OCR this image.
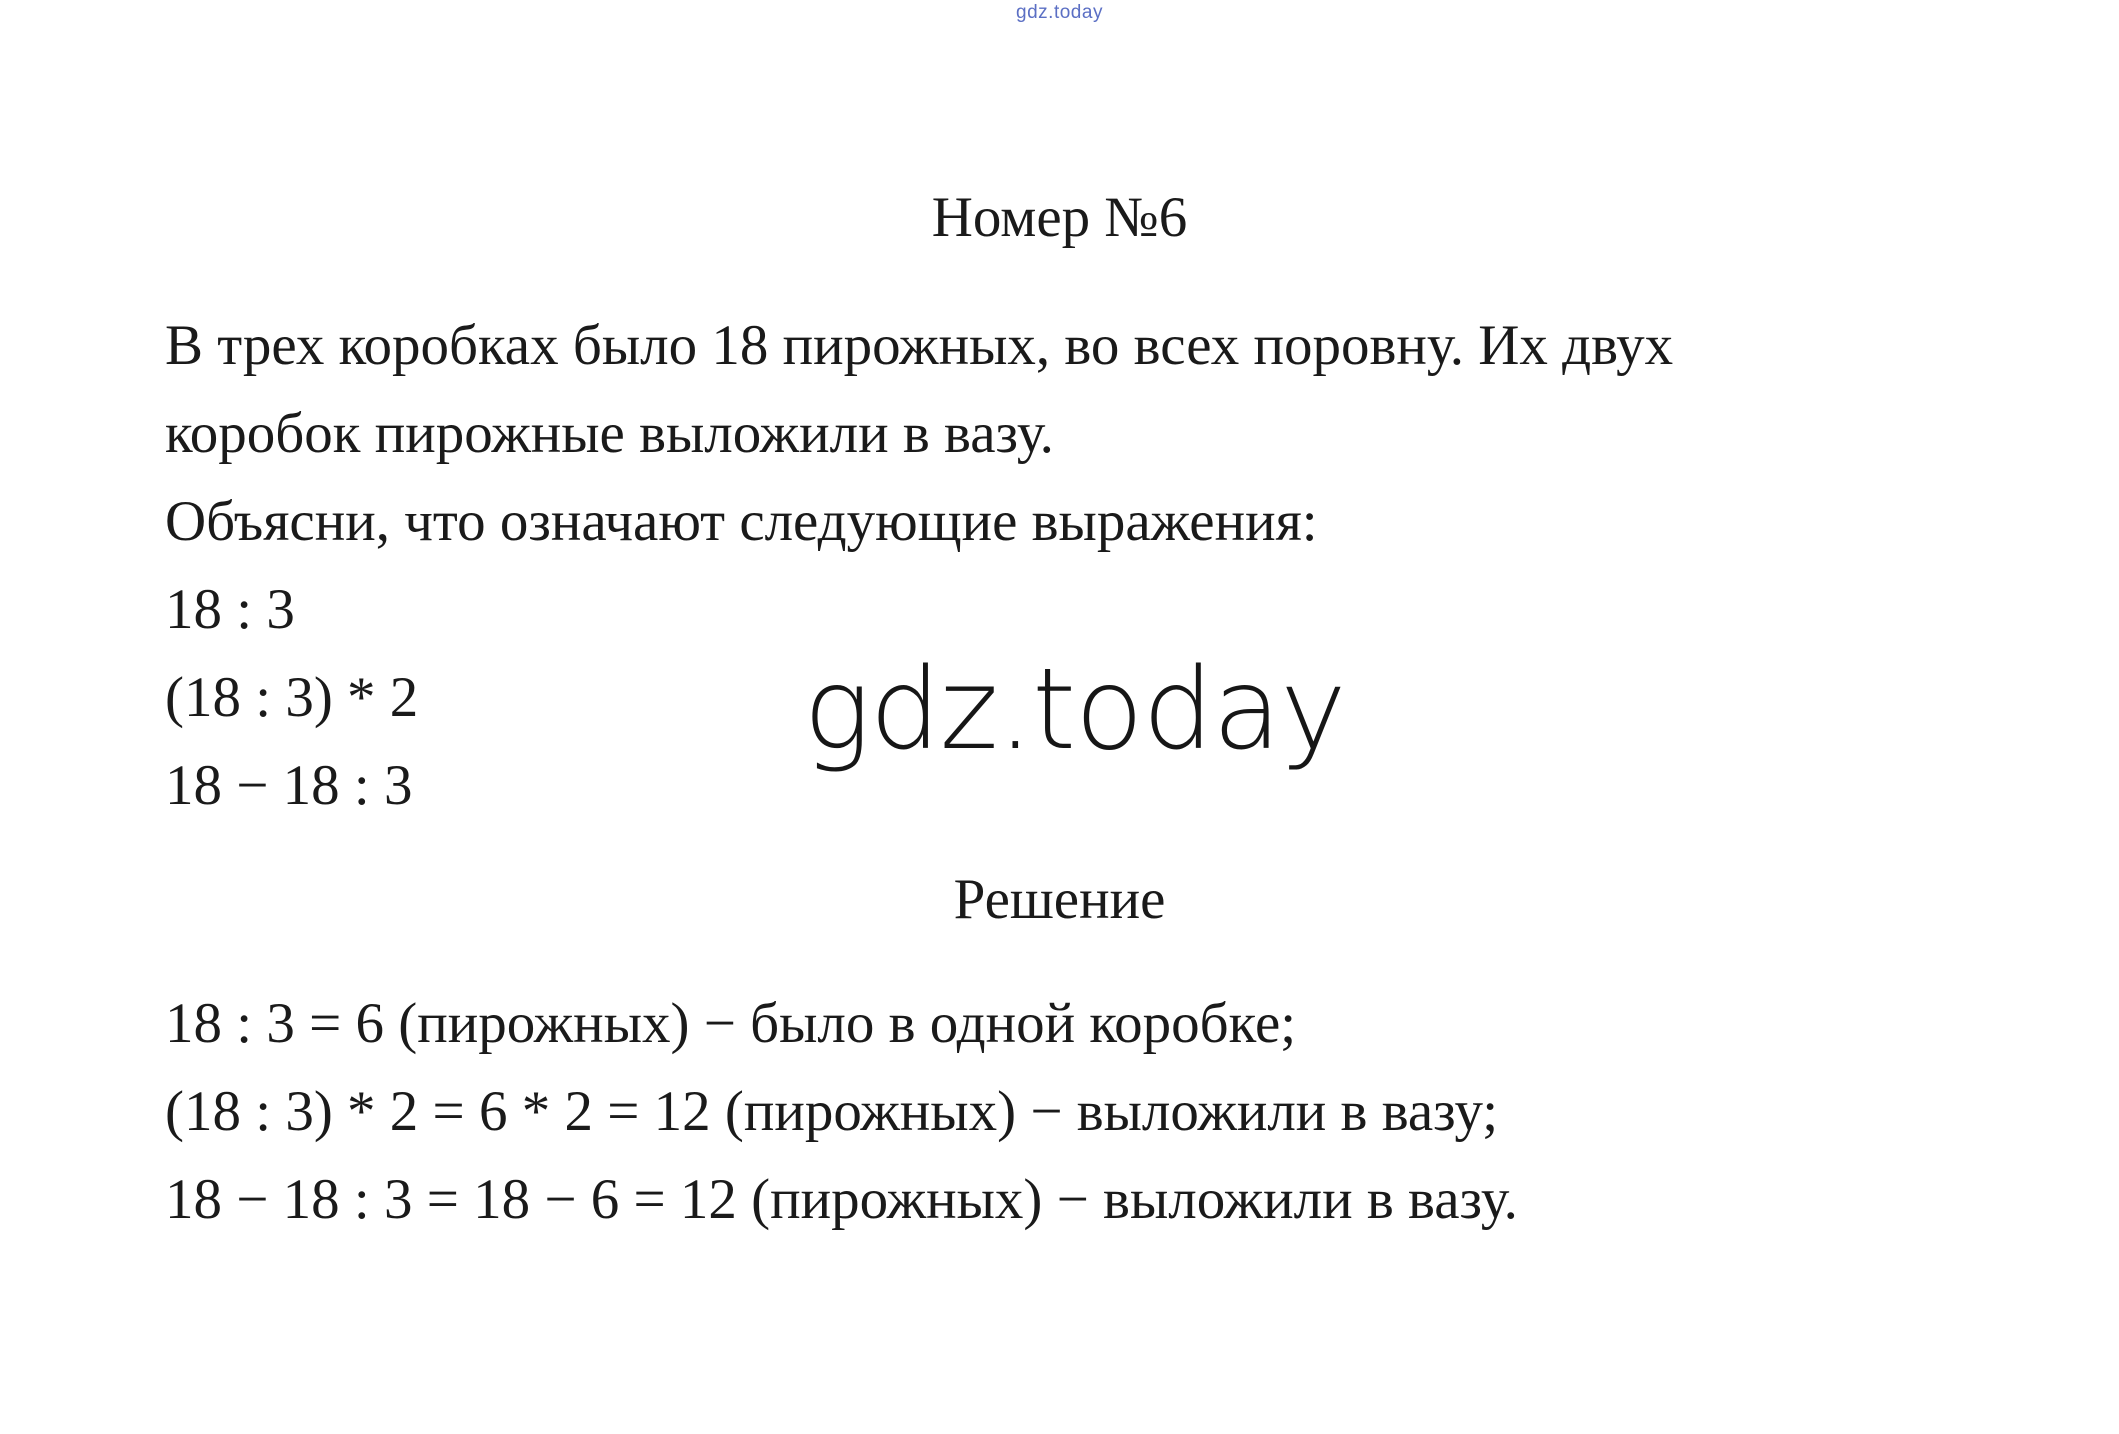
gdz.today
Номер №6
В трех коробках было 18 пирожных, во всех поровну. Их двух
коробок пирожные выложили в вазу.
Объясни, что означают следующие выражения:
18 : 3
(18 : 3) * 2
18 − 18 : 3
gdz.today
Решение
18 : 3 = 6 (пирожных) − было в одной коробке;
(18 : 3) * 2 = 6 * 2 = 12 (пирожных) − выложили в вазу;
18 − 18 : 3 = 18 − 6 = 12 (пирожных) − выложили в вазу.
